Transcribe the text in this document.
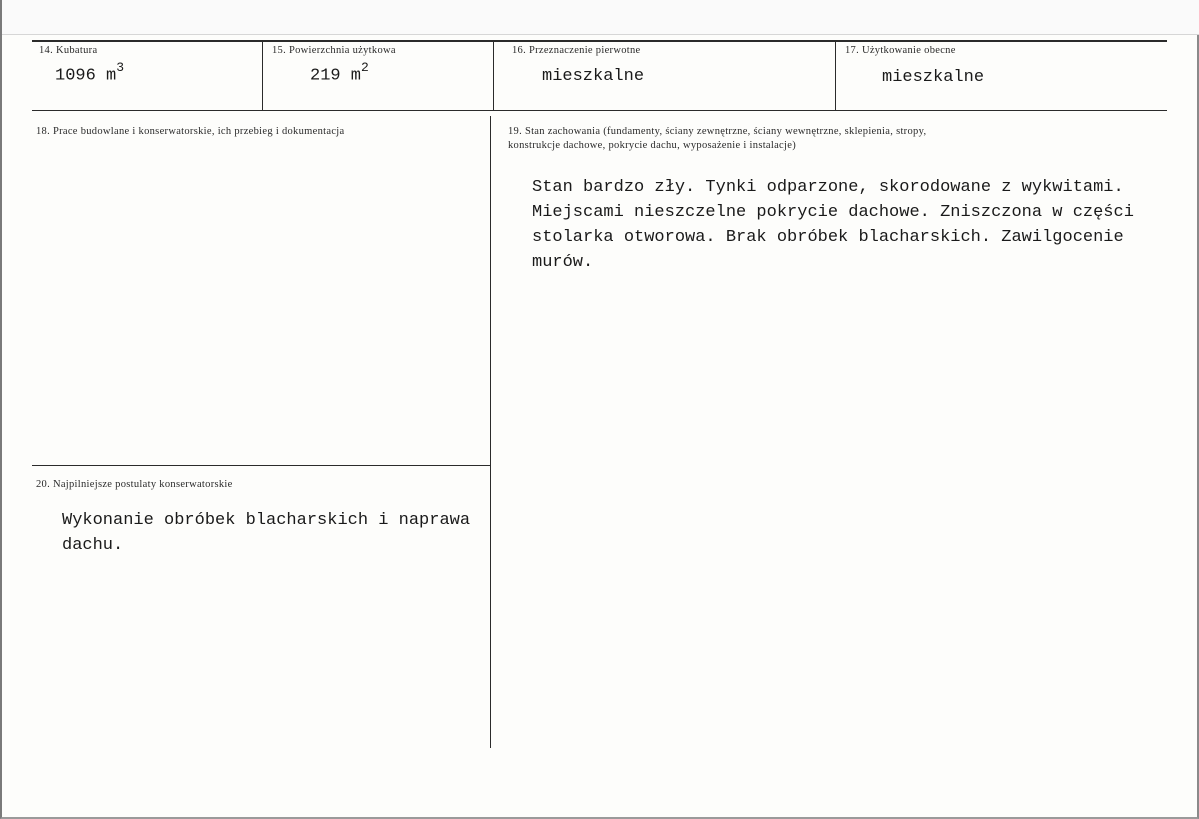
14. Kubatura
1096 $m^3$
15. Powierzchnia użytkowa
219 $m^2$
16. Przeznaczenie pierwotne
mieszkalne
17. Użytkowanie obecne
mieszkalne
18. Prace budowlane i konserwatorskie, ich przebieg i dokumentacja	19. Stan zachowania (fundamenty, ściany zewnętrzne, ściany wewnętrzne, sklepienia, stropy,
konstrukcje dachowe, pokrycie dachu, wyposażenie i instalacje)
Stan bardzo zły. Tynki odparzone, skorodowane z wykwitami.
Miejscami nieszczelne pokrycie dachowe. Zniszczona w części
stolarka otworowa. Brak obróbek blacharskich. Zawilgocenie
murów.
20. Najpilniejsze postulaty konserwatorskie
Wykonanie obróbek blacharskich i naprawa
dachu.
